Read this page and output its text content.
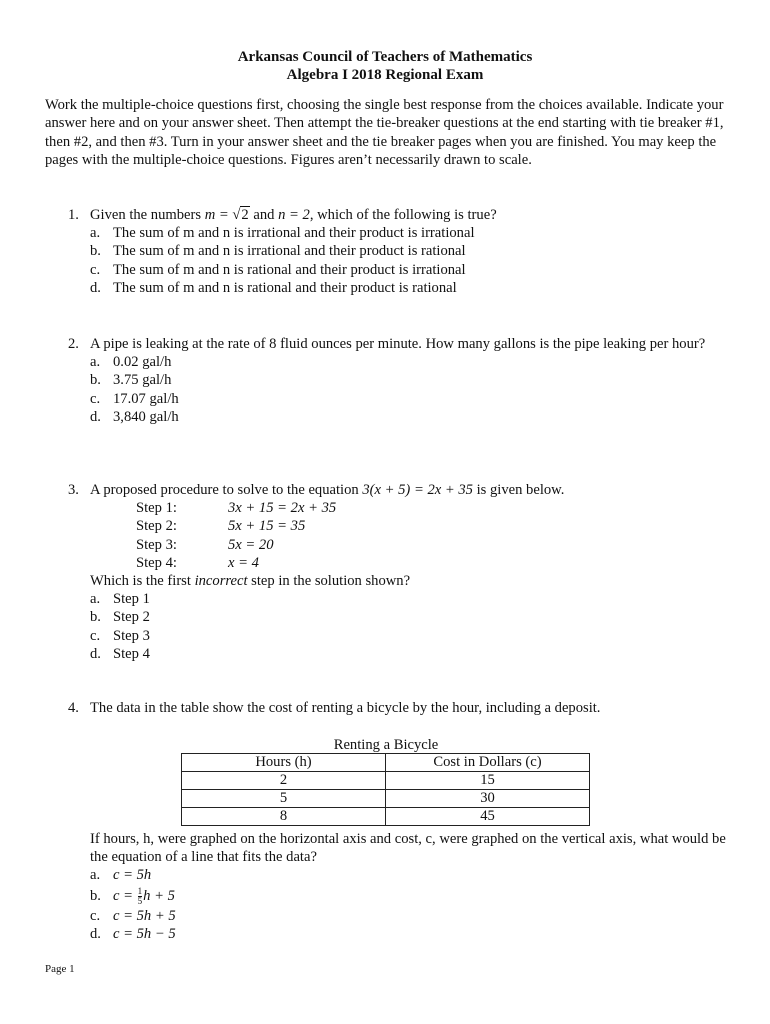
Arkansas Council of Teachers of Mathematics
Algebra I 2018 Regional Exam
Work the multiple-choice questions first, choosing the single best response from the choices available. Indicate your answer here and on your answer sheet. Then attempt the tie-breaker questions at the end starting with tie breaker #1, then #2, and then #3. Turn in your answer sheet and the tie breaker pages when you are finished. You may keep the pages with the multiple-choice questions. Figures aren’t necessarily drawn to scale.
1. Given the numbers m = √2 and n = 2, which of the following is true?
a. The sum of m and n is irrational and their product is irrational
b. The sum of m and n is irrational and their product is rational
c. The sum of m and n is rational and their product is irrational
d. The sum of m and n is rational and their product is rational
2. A pipe is leaking at the rate of 8 fluid ounces per minute. How many gallons is the pipe leaking per hour?
a. 0.02 gal/h
b. 3.75 gal/h
c. 17.07 gal/h
d. 3,840 gal/h
3. A proposed procedure to solve to the equation 3(x + 5) = 2x + 35 is given below.
Step 1:	3x + 15 = 2x + 35
Step 2:	5x + 15 = 35
Step 3:	5x = 20
Step 4:	x = 4
Which is the first incorrect step in the solution shown?
a. Step 1
b. Step 2
c. Step 3
d. Step 4
4. The data in the table show the cost of renting a bicycle by the hour, including a deposit.
Renting a Bicycle
Hours (h)	Cost in Dollars (c)
2	15
5	30
8	45
If hours, h, were graphed on the horizontal axis and cost, c, were graphed on the vertical axis, what would be the equation of a line that fits the data?
a. c = 5h
b. $c = \frac{1}{5}$ h + 5
c. c = 5h + 5
d. c = 5h − 5
Page 1
